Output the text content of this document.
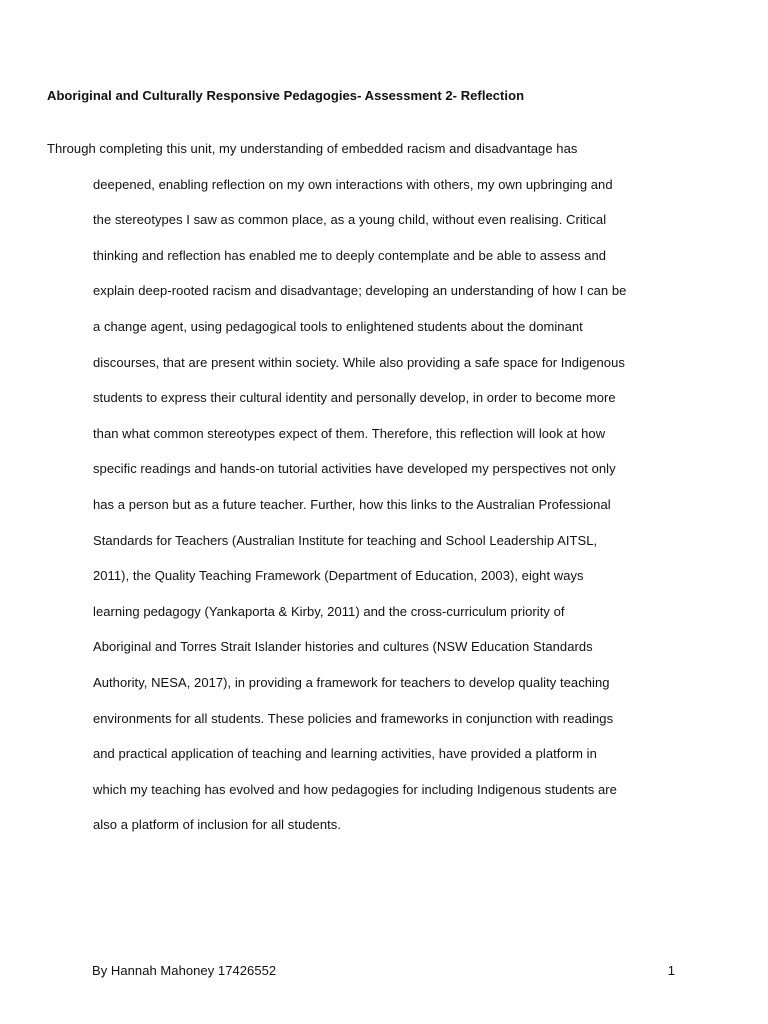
Aboriginal and Culturally Responsive Pedagogies- Assessment 2- Reflection
Through completing this unit, my understanding of embedded racism and disadvantage has
deepened, enabling reflection on my own interactions with others, my own upbringing and
the stereotypes I saw as common place, as a young child, without even realising. Critical
thinking and reflection has enabled me to deeply contemplate and be able to assess and
explain deep-rooted racism and disadvantage; developing an understanding of how I can be
a change agent, using pedagogical tools to enlightened students about the dominant
discourses, that are present within society. While also providing a safe space for Indigenous
students to express their cultural identity and personally develop, in order to become more
than what common stereotypes expect of them. Therefore, this reflection will look at how
specific readings and hands-on tutorial activities have developed my perspectives not only
has a person but as a future teacher. Further, how this links to the Australian Professional
Standards for Teachers (Australian Institute for teaching and School Leadership AITSL,
2011), the Quality Teaching Framework (Department of Education, 2003), eight ways
learning pedagogy (Yankaporta & Kirby, 2011) and the cross-curriculum priority of
Aboriginal and Torres Strait Islander histories and cultures (NSW Education Standards
Authority, NESA, 2017), in providing a framework for teachers to develop quality teaching
environments for all students. These policies and frameworks in conjunction with readings
and practical application of teaching and learning activities, have provided a platform in
which my teaching has evolved and how pedagogies for including Indigenous students are
also a platform of inclusion for all students.
By Hannah Mahoney 17426552	1
